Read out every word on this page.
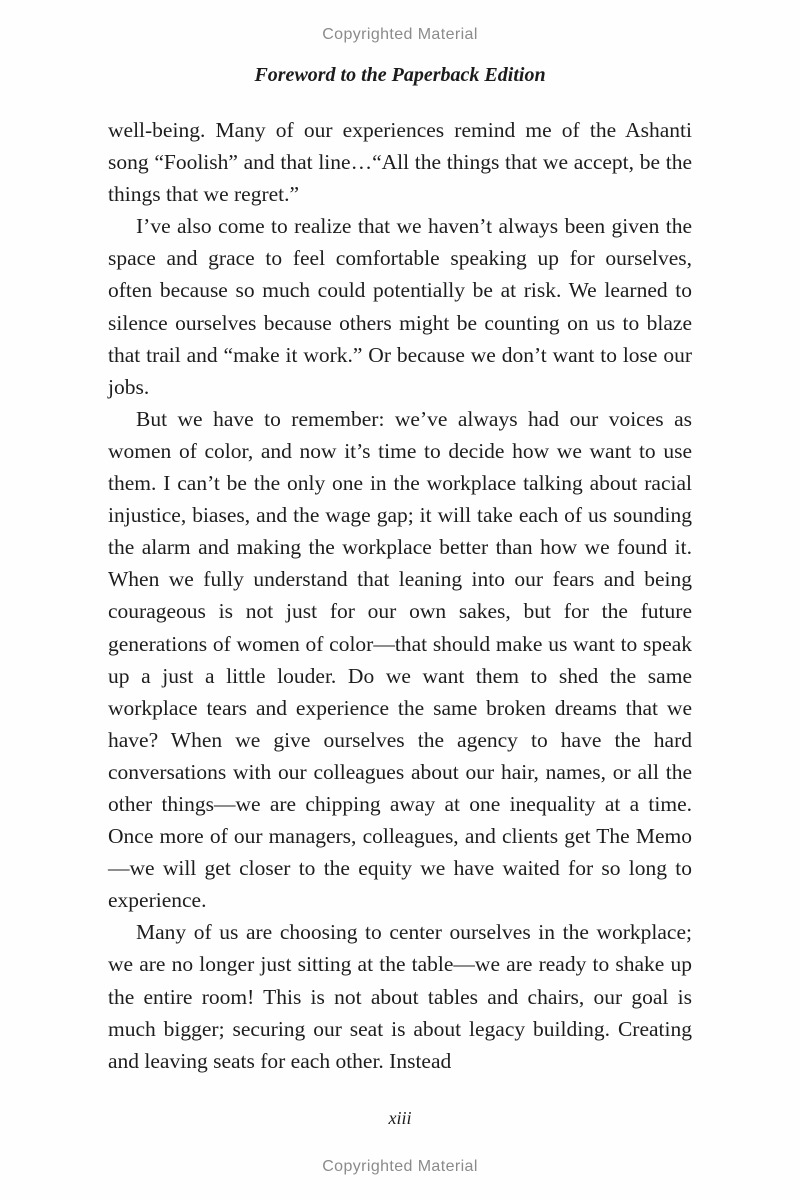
Copyrighted Material
Foreword to the Paperback Edition

well-being. Many of our experiences remind me of the Ashanti song “Foolish” and that line…“All the things that we accept, be the things that we regret.”

I’ve also come to realize that we haven’t always been given the space and grace to feel comfortable speaking up for ourselves, often because so much could potentially be at risk. We learned to silence ourselves because others might be counting on us to blaze that trail and “make it work.” Or because we don’t want to lose our jobs.

But we have to remember: we’ve always had our voices as women of color, and now it’s time to decide how we want to use them. I can’t be the only one in the workplace talking about racial injustice, biases, and the wage gap; it will take each of us sounding the alarm and making the workplace better than how we found it. When we fully understand that leaning into our fears and being courageous is not just for our own sakes, but for the future generations of women of color—that should make us want to speak up a just a little louder. Do we want them to shed the same workplace tears and experience the same broken dreams that we have? When we give ourselves the agency to have the hard conversations with our colleagues about our hair, names, or all the other things—we are chipping away at one inequality at a time. Once more of our managers, colleagues, and clients get The Memo—we will get closer to the equity we have waited for so long to experience.

Many of us are choosing to center ourselves in the workplace; we are no longer just sitting at the table—we are ready to shake up the entire room! This is not about tables and chairs, our goal is much bigger; securing our seat is about legacy building. Creating and leaving seats for each other. Instead

xiii
Copyrighted Material
